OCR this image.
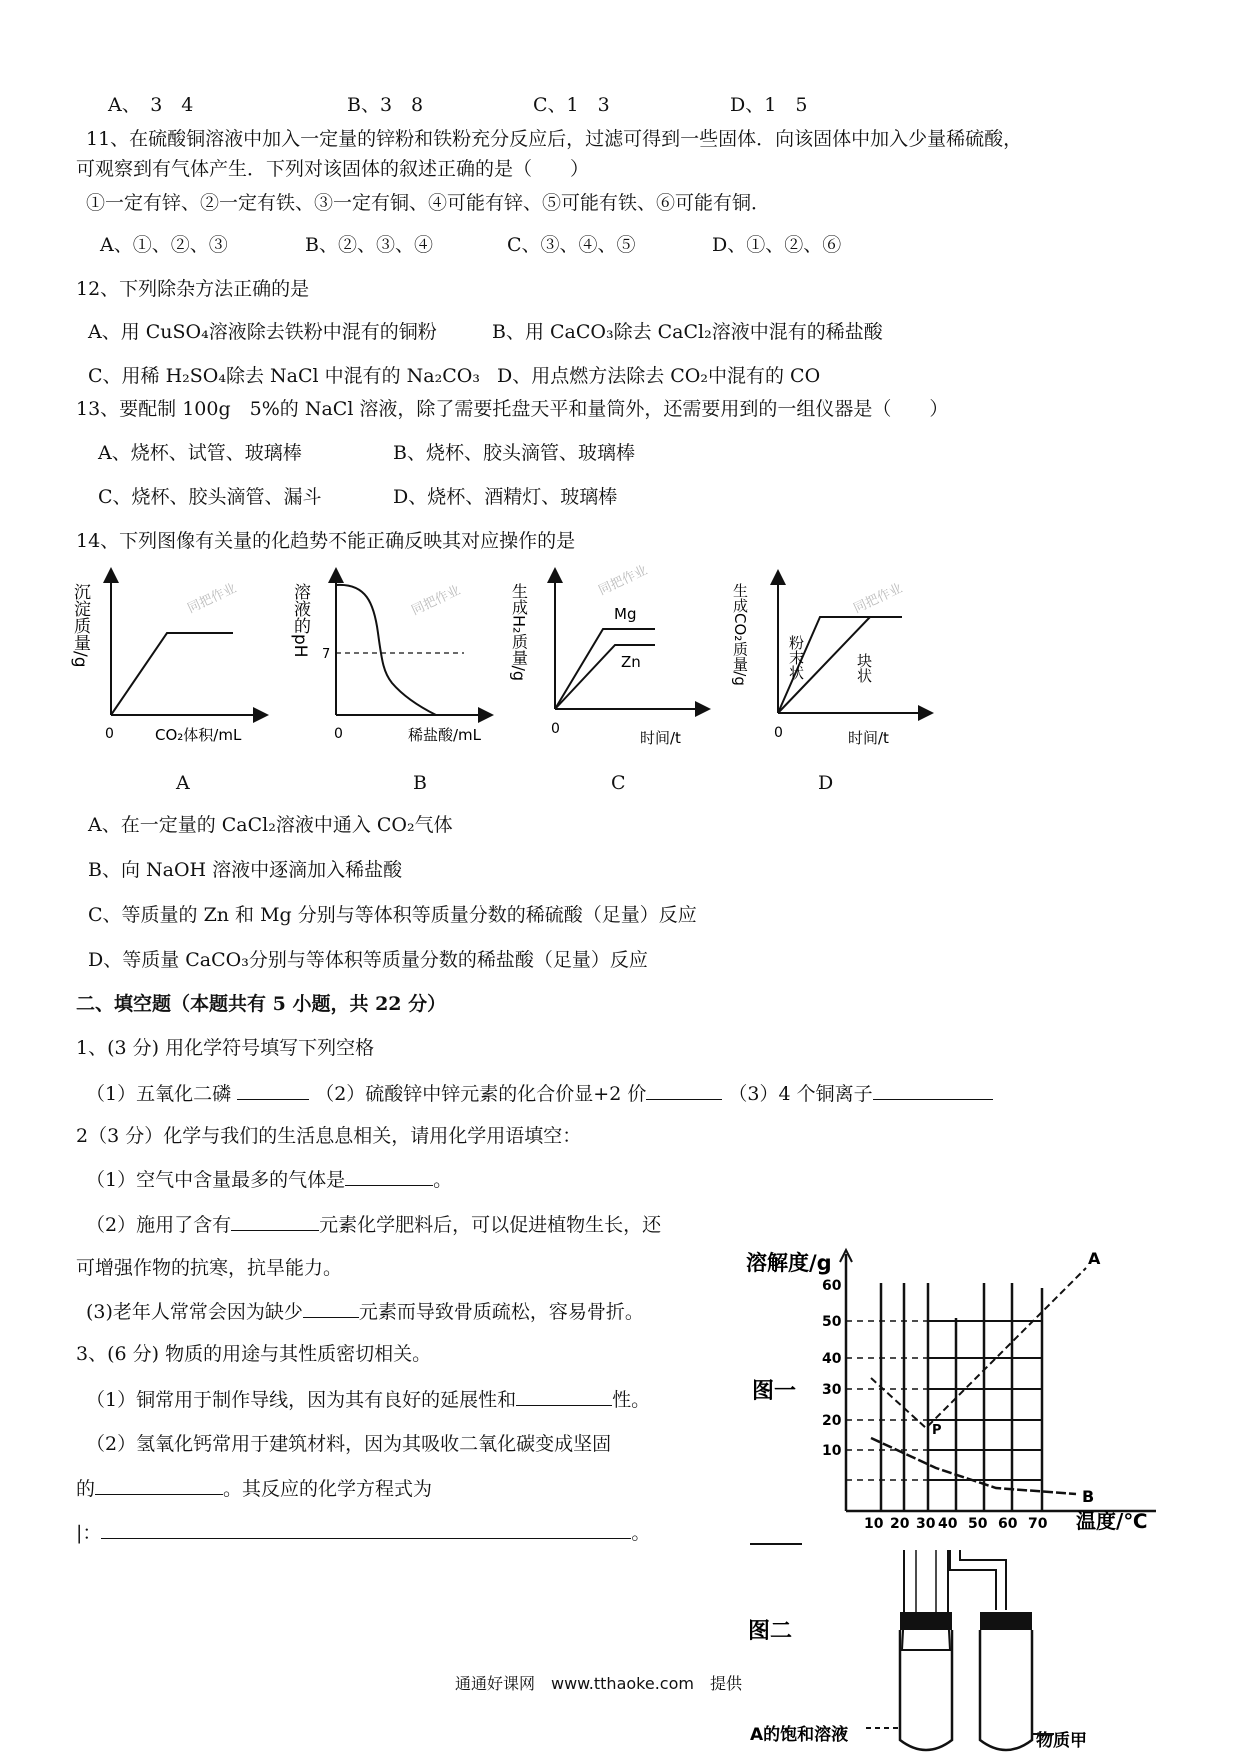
A、　3　4	B、3　8	C、1　3	D、1　5
11、在硫酸铜溶液中加入一定量的锌粉和铁粉充分反应后，过滤可得到一些固体．向该固体中加入少量稀硫酸，
可观察到有气体产生．下列对该固体的叙述正确的是（　　）
①一定有锌、②一定有铁、③一定有铜、④可能有锌、⑤可能有铁、⑥可能有铜．
A、①、②、③	B、②、③、④	C、③、④、⑤	D、①、②、⑥
12、下列除杂方法正确的是
A、用 CuSO₄溶液除去铁粉中混有的铜粉	B、用 CaCO₃除去 CaCl₂溶液中混有的稀盐酸
C、用稀 H₂SO₄除去 NaCl 中混有的 Na₂CO₃ D、用点燃方法除去 CO₂中混有的 CO
13、要配制 100g　5%的 NaCl 溶液，除了需要托盘天平和量筒外，还需要用到的一组仪器是（　　）
A、烧杯、试管、玻璃棒	B、烧杯、胶头滴管、玻璃棒
C、烧杯、胶头滴管、漏斗	D、烧杯、酒精灯、玻璃棒
14、下列图像有关量的化趋势不能正确反映其对应操作的是
沉淀质量/g
0	CO₂体积/mL
同把作业	溶液的pH 7
0	稀盐酸/mL
同把作业	生成H₂质量/g
0	时间/t
Mg
Zn
同把作业
生成CO₂质量/g
0	时间/t
粉末状	块状
同把作业
A	B	C	D
A、在一定量的 CaCl₂溶液中通入 CO₂气体
B、向 NaOH 溶液中逐滴加入稀盐酸
C、等质量的 Zn 和 Mg 分别与等体积等质量分数的稀硫酸（足量）反应
D、等质量 CaCO₃分别与等体积等质量分数的稀盐酸（足量）反应
二、填空题（本题共有 5 小题，共 22 分）
1、(3 分) 用化学符号填写下列空格
（1）五氧化二磷	（2）硫酸锌中锌元素的化合价显+2 价	（3）4 个铜离子
2（3 分）化学与我们的生活息息相关，请用化学用语填空：
（1）空气中含量最多的气体是	。
（2）施用了含有	元素化学肥料后，可以促进植物生长，还
可增强作物的抗寒，抗旱能力。
(3)老年人常常会因为缺少	元素而导致骨质疏松，容易骨折。
3、(6 分) 物质的用途与其性质密切相关。
（1）铜常用于制作导线，因为其有良好的延展性和	性。
（2）氢氧化钙常用于建筑材料，因为其吸收二氧化碳变成坚固
的	。其反应的化学方程式为
|：	。
溶解度/g
图一
60
50
40
30
20
10
10 20 30 40 50 60 70 温度/℃
A
B
P
图二
A的饱和溶液	物质甲
通通好课网　www.tthaoke.com　提供
